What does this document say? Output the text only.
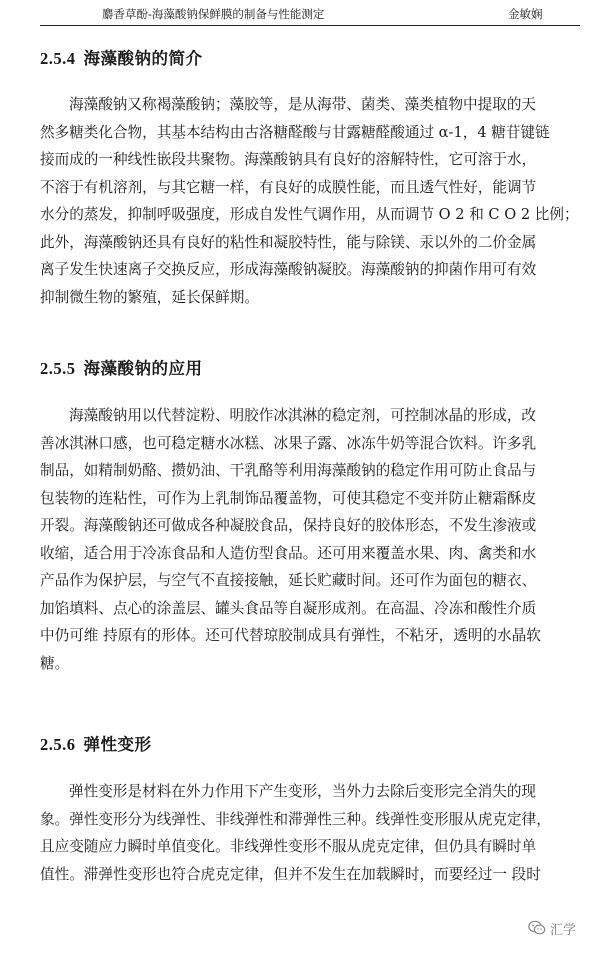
麝香草酚-海藻酸钠保鲜膜的制备与性能测定	金敏娴
2.5.4 海藻酸钠的简介
海藻酸钠又称褐藻酸钠；藻胶等，是从海带、菌类、藻类植物中提取的天
然多糖类化合物，其基本结构由古洛糖醛酸与甘露糖醛酸通过 α-1，4 糖苷键链
接而成的一种线性嵌段共聚物。海藻酸钠具有良好的溶解特性，它可溶于水，
不溶于有机溶剂，与其它糖一样，有良好的成膜性能，而且透气性好，能调节
水分的蒸发，抑制呼吸强度，形成自发性气调作用，从而调节 O 2 和 C O 2 比例；
此外，海藻酸钠还具有良好的粘性和凝胶特性，能与除镁、汞以外的二价金属
离子发生快速离子交换反应，形成海藻酸钠凝胶。海藻酸钠的抑菌作用可有效
抑制微生物的繁殖，延长保鲜期。
2.5.5 海藻酸钠的应用
海藻酸钠用以代替淀粉、明胶作冰淇淋的稳定剂，可控制冰晶的形成，改
善冰淇淋口感，也可稳定糖水冰糕、冰果子露、冰冻牛奶等混合饮料。许多乳
制品，如精制奶酪、攒奶油、干乳酪等利用海藻酸钠的稳定作用可防止食品与
包装物的连粘性，可作为上乳制饰品覆盖物，可使其稳定不变并防止糖霜酥皮
开裂。海藻酸钠还可做成各种凝胶食品，保持良好的胶体形态，不发生渗液或
收缩，适合用于冷冻食品和人造仿型食品。还可用来覆盖水果、肉、禽类和水
产品作为保护层，与空气不直接接触，延长贮藏时间。还可作为面包的糖衣、
加馅填料、点心的涂盖层、罐头食品等自凝形成剂。在高温、冷冻和酸性介质
中仍可维 持原有的形体。还可代替琼胶制成具有弹性，不粘牙，透明的水晶软
糖。
2.5.6 弹性变形
弹性变形是材料在外力作用下产生变形，当外力去除后变形完全消失的现
象。弹性变形分为线弹性、非线弹性和滞弹性三种。线弹性变形服从虎克定律，
且应变随应力瞬时单值变化。非线弹性变形不服从虎克定律，但仍具有瞬时单
值性。滞弹性变形也符合虎克定律，但并不发生在加载瞬时，而要经过一 段时
汇学
